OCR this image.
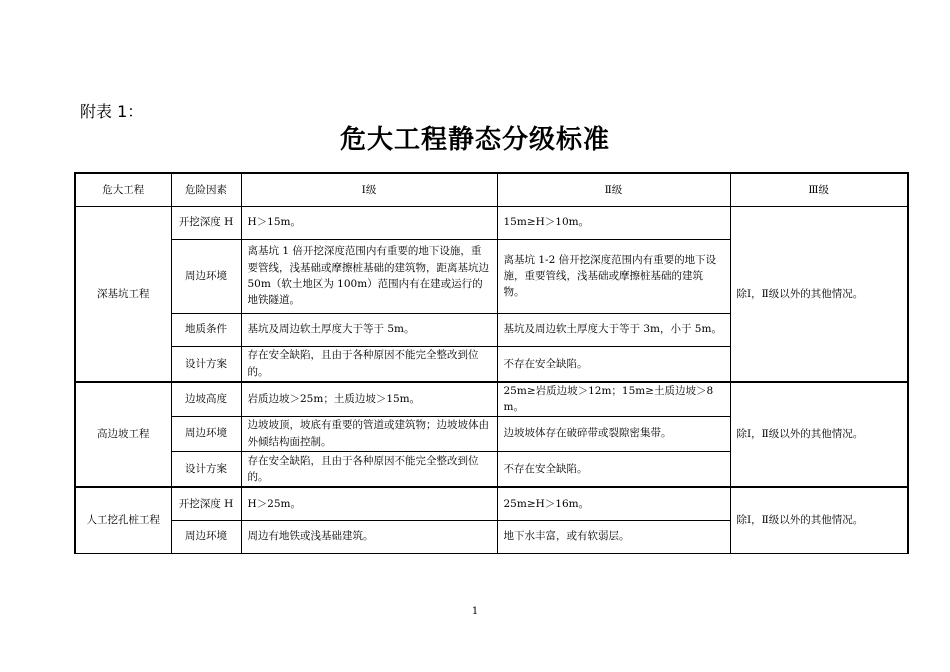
附表 1：
危大工程静态分级标准
危大工程	危险因素	Ⅰ级	Ⅱ级	Ⅲ级
深基坑工程	开挖深度 H	H＞15m。	15m≥H＞10m。	除Ⅰ，Ⅱ级以外的其他情况。
	周边环境	离基坑 1 倍开挖深度范围内有重要的地下设施，重要管线，浅基础或摩擦桩基础的建筑物，距离基坑边 50m（软土地区为 100m）范围内有在建或运行的地铁隧道。	离基坑 1-2 倍开挖深度范围内有重要的地下设施，重要管线，浅基础或摩擦桩基础的建筑物。	
	地质条件	基坑及周边软土厚度大于等于 5m。	基坑及周边软土厚度大于等于 3m，小于 5m。	
	设计方案	存在安全缺陷，且由于各种原因不能完全整改到位的。	不存在安全缺陷。	
高边坡工程	边坡高度	岩质边坡＞25m；土质边坡＞15m。	25m≥岩质边坡＞12m；15m≥土质边坡＞8m。	除Ⅰ，Ⅱ级以外的其他情况。
	周边环境	边坡坡顶，坡底有重要的管道或建筑物；边坡坡体由外倾结构面控制。	边坡坡体存在破碎带或裂隙密集带。	
	设计方案	存在安全缺陷，且由于各种原因不能完全整改到位的。	不存在安全缺陷。	
人工挖孔桩工程	开挖深度 H	H＞25m。	25m≥H＞16m。	除Ⅰ，Ⅱ级以外的其他情况。
	周边环境	周边有地铁或浅基础建筑。	地下水丰富，或有软弱层。	
1
